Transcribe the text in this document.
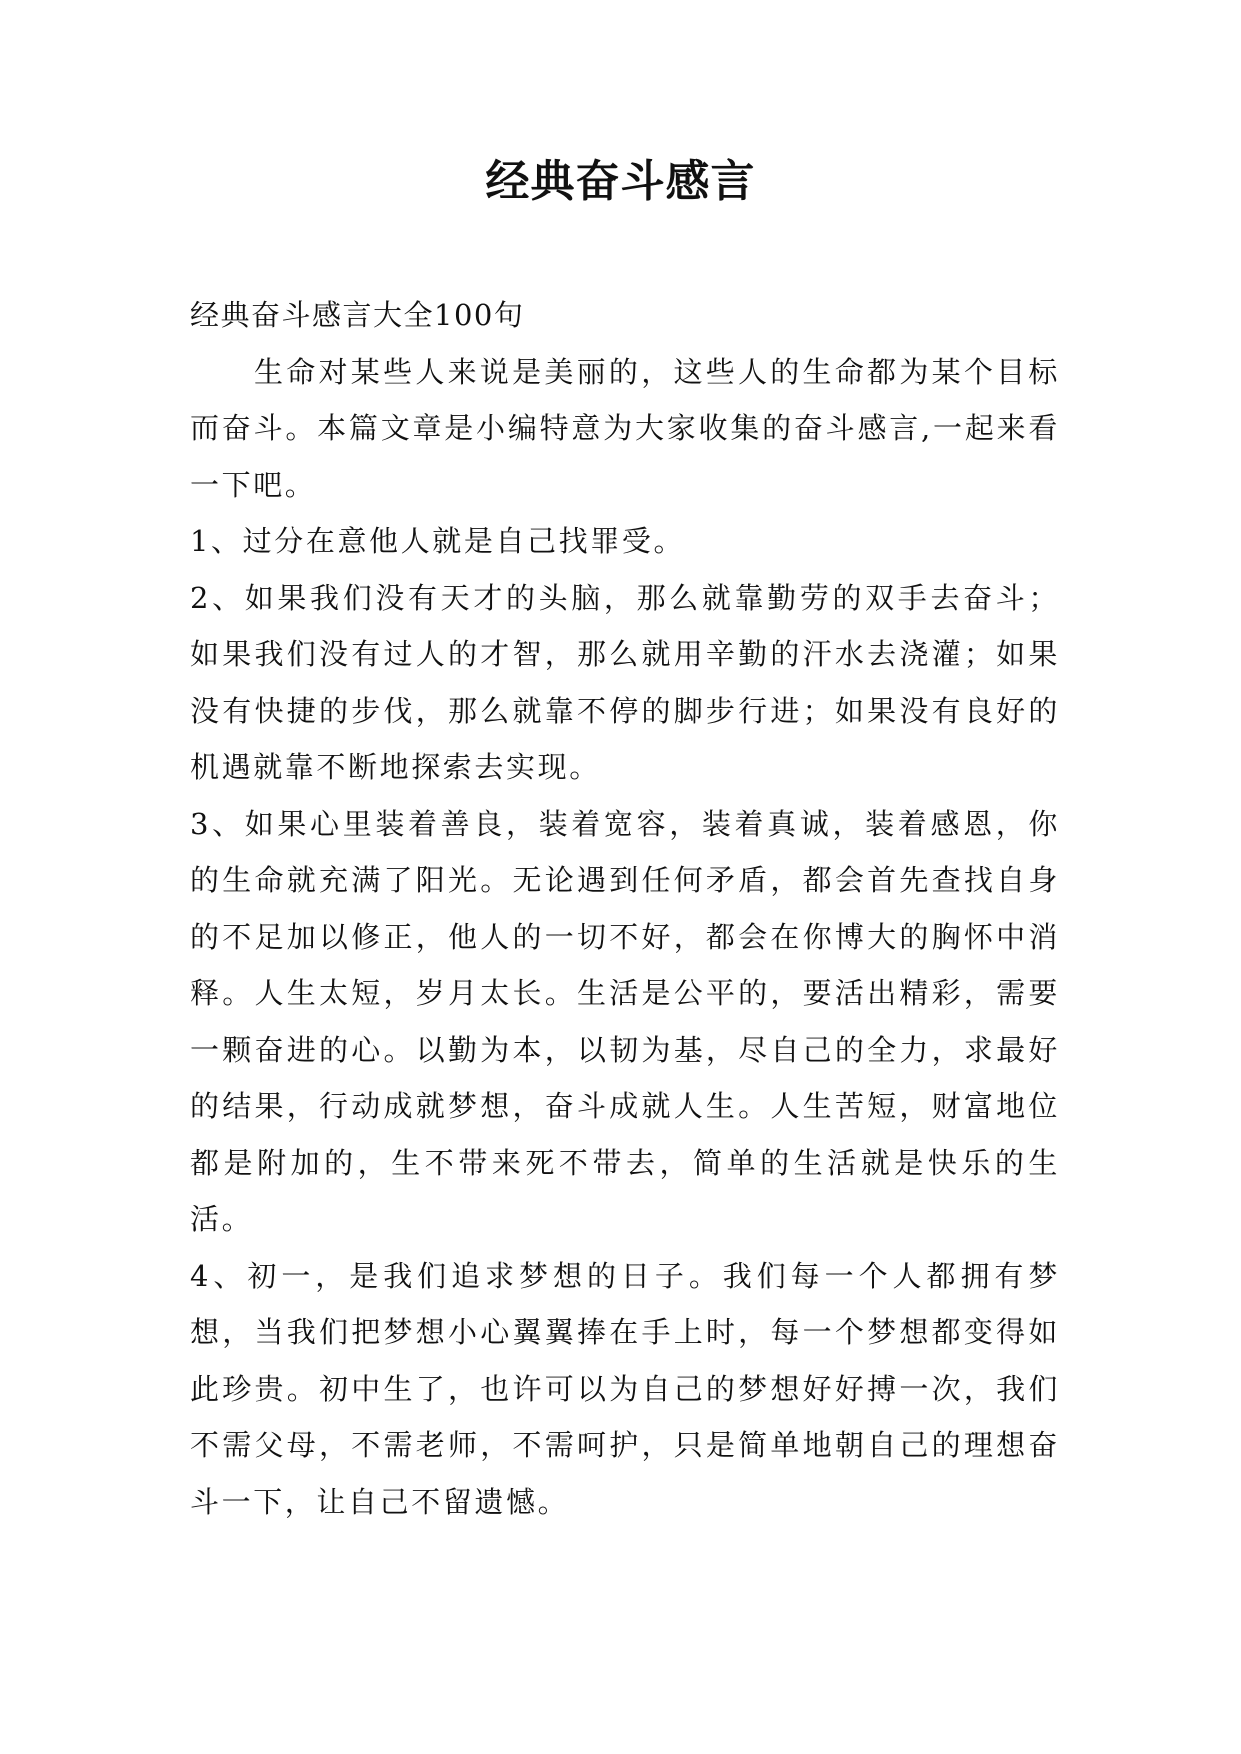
经典奋斗感言

经典奋斗感言大全100句

生命对某些人来说是美丽的，这些人的生命都为某个目标而奋斗。本篇文章是小编特意为大家收集的奋斗感言,一起来看一下吧。

1、过分在意他人就是自己找罪受。

2、如果我们没有天才的头脑，那么就靠勤劳的双手去奋斗；如果我们没有过人的才智，那么就用辛勤的汗水去浇灌；如果没有快捷的步伐，那么就靠不停的脚步行进；如果没有良好的机遇就靠不断地探索去实现。

3、如果心里装着善良，装着宽容，装着真诚，装着感恩，你的生命就充满了阳光。无论遇到任何矛盾，都会首先查找自身的不足加以修正，他人的一切不好，都会在你博大的胸怀中消释。人生太短，岁月太长。生活是公平的，要活出精彩，需要一颗奋进的心。以勤为本，以韧为基，尽自己的全力，求最好的结果，行动成就梦想，奋斗成就人生。人生苦短，财富地位都是附加的，生不带来死不带去，简单的生活就是快乐的生活。

4、初一，是我们追求梦想的日子。我们每一个人都拥有梦想，当我们把梦想小心翼翼捧在手上时，每一个梦想都变得如此珍贵。初中生了，也许可以为自己的梦想好好搏一次，我们不需父母，不需老师，不需呵护，只是简单地朝自己的理想奋斗一下，让自己不留遗憾。
